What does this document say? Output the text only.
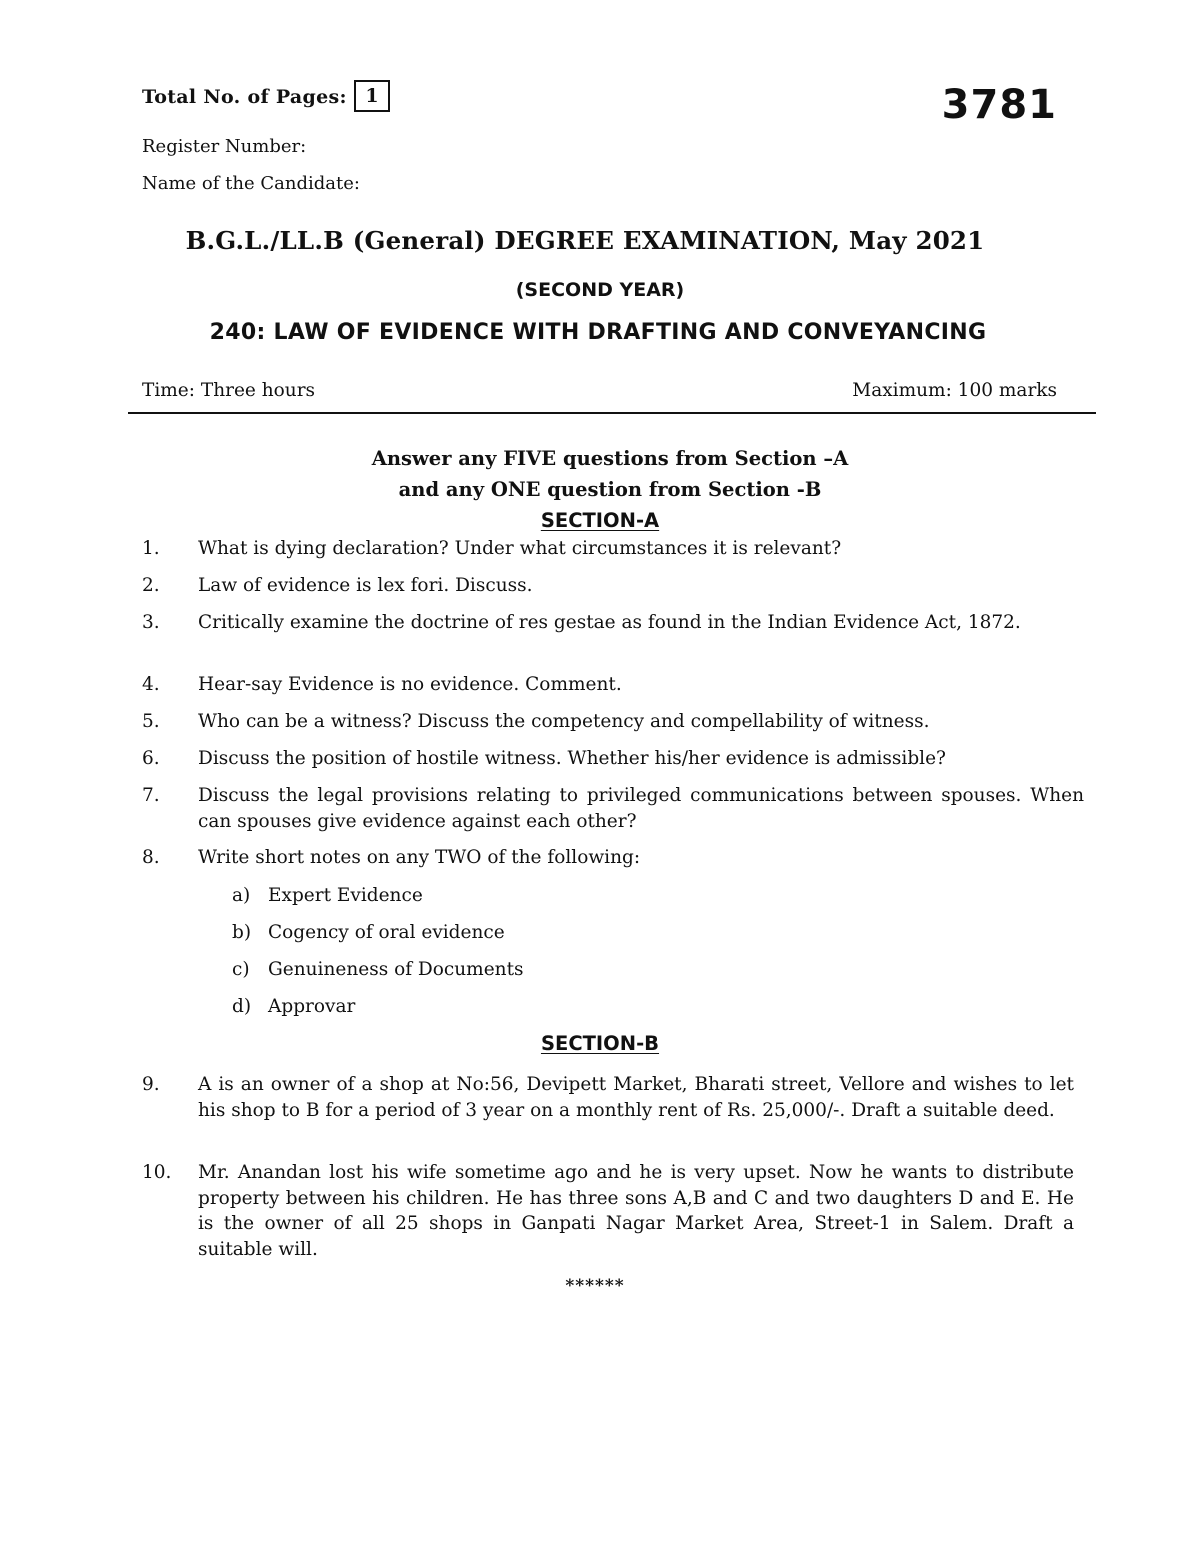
Total No. of Pages: 1	3781
Register Number:
Name of the Candidate:
B.G.L./LL.B (General) DEGREE EXAMINATION, May 2021
(SECOND YEAR)
240: LAW OF EVIDENCE WITH DRAFTING AND CONVEYANCING
Time: Three hours	Maximum: 100 marks
Answer any FIVE questions from Section –A
and any ONE question from Section -B
SECTION-A
1. What is dying declaration? Under what circumstances it is relevant?
2. Law of evidence is lex fori. Discuss.
3. Critically examine the doctrine of res gestae as found in the Indian Evidence Act, 1872.
4. Hear-say Evidence is no evidence. Comment.
5. Who can be a witness? Discuss the competency and compellability of witness.
6. Discuss the position of hostile witness. Whether his/her evidence is admissible?
7. Discuss the legal provisions relating to privileged communications between spouses. When can spouses give evidence against each other?
8. Write short notes on any TWO of the following:
a) Expert Evidence
b) Cogency of oral evidence
c) Genuineness of Documents
d) Approvar
SECTION-B
9. A is an owner of a shop at No:56, Devipett Market, Bharati street, Vellore and wishes to let his shop to B for a period of 3 year on a monthly rent of Rs. 25,000/-. Draft a suitable deed.
10. Mr. Anandan lost his wife sometime ago and he is very upset. Now he wants to distribute property between his children. He has three sons A,B and C and two daughters D and E. He is the owner of all 25 shops in Ganpati Nagar Market Area, Street-1 in Salem. Draft a suitable will.
******
